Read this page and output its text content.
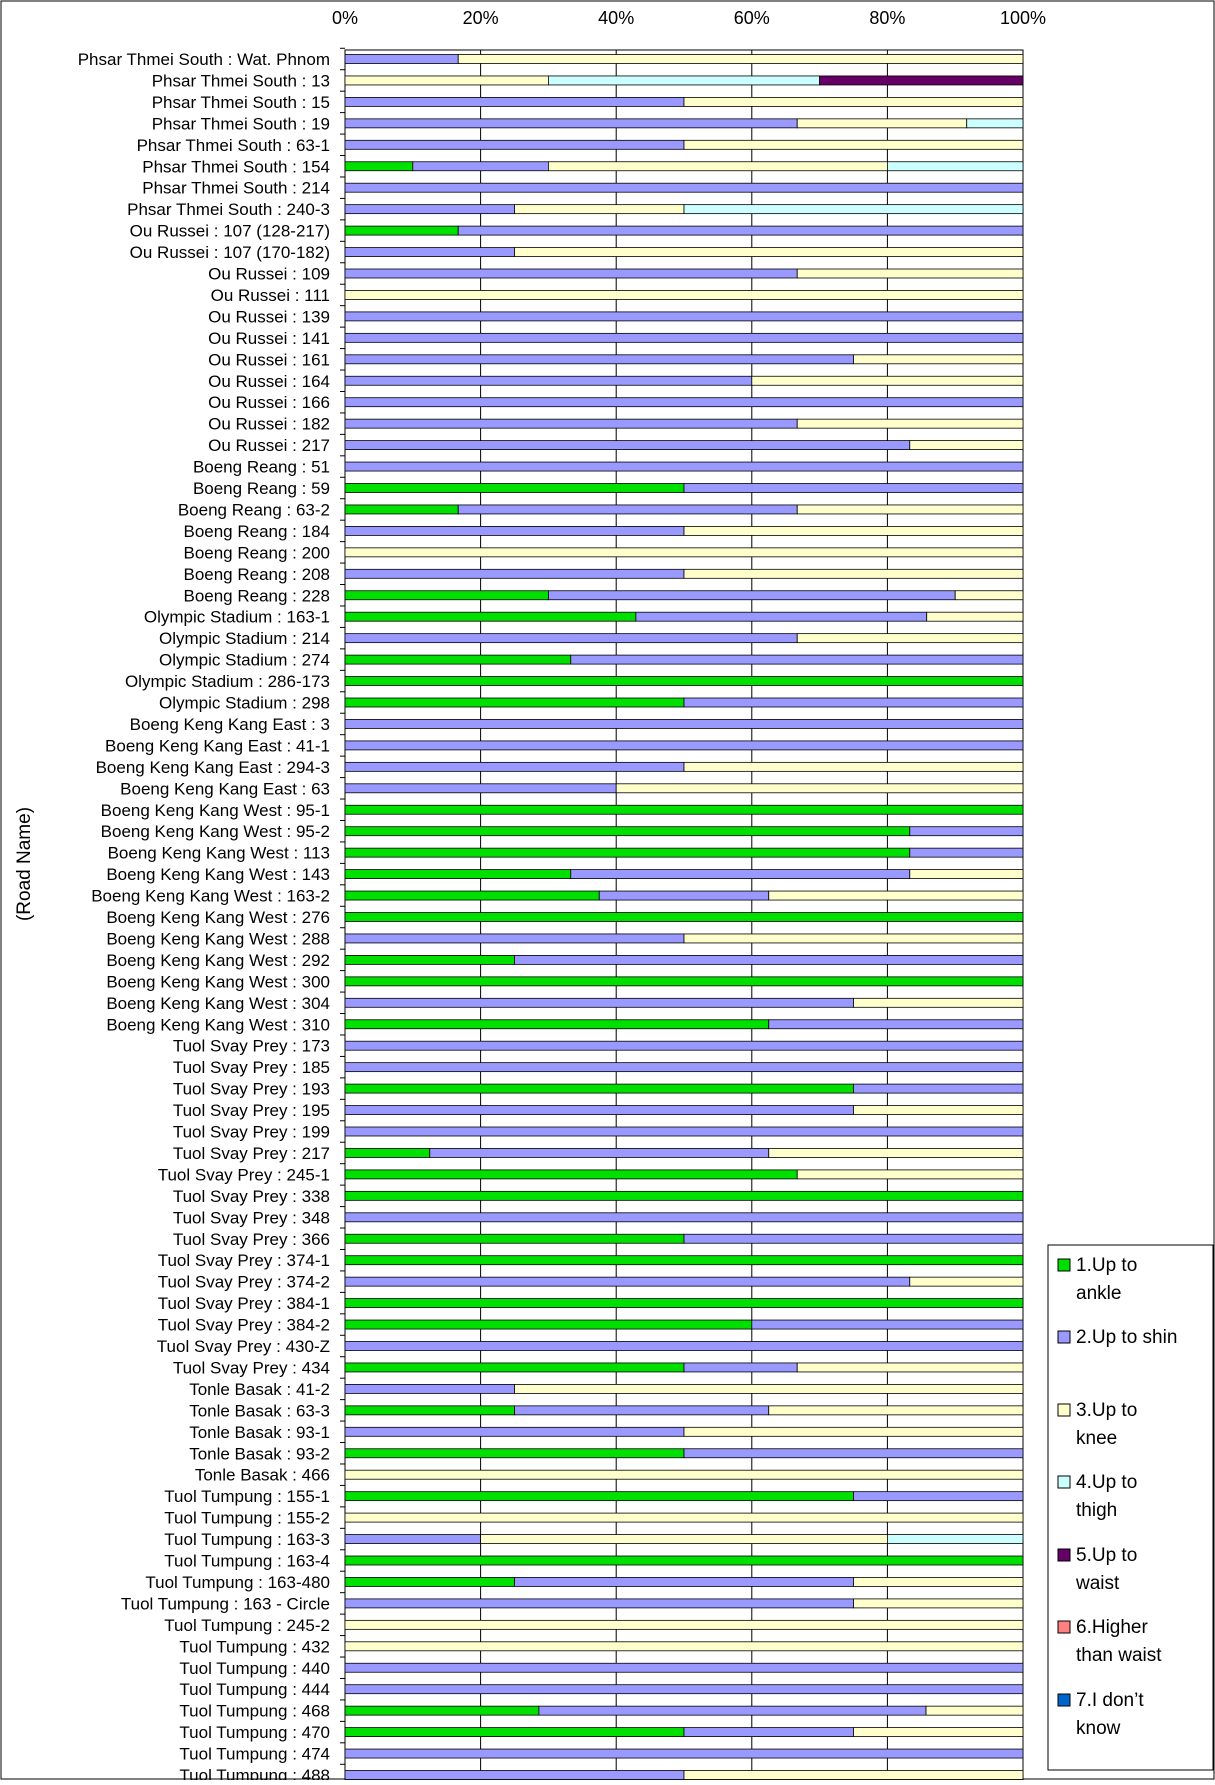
Phsar Thmei South : Wat. Phnom
Phsar Thmei South : 13
Phsar Thmei South : 15
Phsar Thmei South : 19
Phsar Thmei South : 63-1
Phsar Thmei South : 154
Phsar Thmei South : 214
Phsar Thmei South : 240-3
Ou Russei : 107 (128-217)
Ou Russei : 107 (170-182)
Ou Russei : 109
Ou Russei : 111
Ou Russei : 139
Ou Russei : 141
Ou Russei : 161
Ou Russei : 164
Ou Russei : 166
Ou Russei : 182
Ou Russei : 217
Boeng Reang : 51
Boeng Reang : 59
Boeng Reang : 63-2
Boeng Reang : 184
Boeng Reang : 200
Boeng Reang : 208
Boeng Reang : 228
Olympic Stadium : 163-1
Olympic Stadium : 214
Olympic Stadium : 274
Olympic Stadium : 286-173
Olympic Stadium : 298
Boeng Keng Kang East : 3
Boeng Keng Kang East : 41-1
Boeng Keng Kang East : 294-3
Boeng Keng Kang East : 63
Boeng Keng Kang West : 95-1
Boeng Keng Kang West : 95-2
Boeng Keng Kang West : 113
Boeng Keng Kang West : 143
Boeng Keng Kang West : 163-2
Boeng Keng Kang West : 276
Boeng Keng Kang West : 288
Boeng Keng Kang West : 292
Boeng Keng Kang West : 300
Boeng Keng Kang West : 304
Boeng Keng Kang West : 310
Tuol Svay Prey : 173
Tuol Svay Prey : 185
Tuol Svay Prey : 193
Tuol Svay Prey : 195
Tuol Svay Prey : 199
Tuol Svay Prey : 217
Tuol Svay Prey : 245-1
Tuol Svay Prey : 338
Tuol Svay Prey : 348
Tuol Svay Prey : 366
Tuol Svay Prey : 374-1
Tuol Svay Prey : 374-2
Tuol Svay Prey : 384-1
Tuol Svay Prey : 384-2
Tuol Svay Prey : 430-Z
Tuol Svay Prey : 434
Tonle Basak : 41-2
Tonle Basak : 63-3
Tonle Basak : 93-1
Tonle Basak : 93-2
Tonle Basak : 466
Tuol Tumpung : 155-1
Tuol Tumpung : 155-2
Tuol Tumpung : 163-3
Tuol Tumpung : 163-4
Tuol Tumpung : 163-480
Tuol Tumpung : 163 - Circle
Tuol Tumpung : 245-2
Tuol Tumpung : 432
Tuol Tumpung : 440
Tuol Tumpung : 444
Tuol Tumpung : 468
Tuol Tumpung : 470
Tuol Tumpung : 474
Tuol Tumpung : 488
0%	20%	40%	60%	80%	100%
(Road Name)
1.Up to
ankle
2.Up to shin
3.Up to
knee
4.Up to
thigh
5.Up to
waist
6.Higher
than waist
7.I don’t
know
